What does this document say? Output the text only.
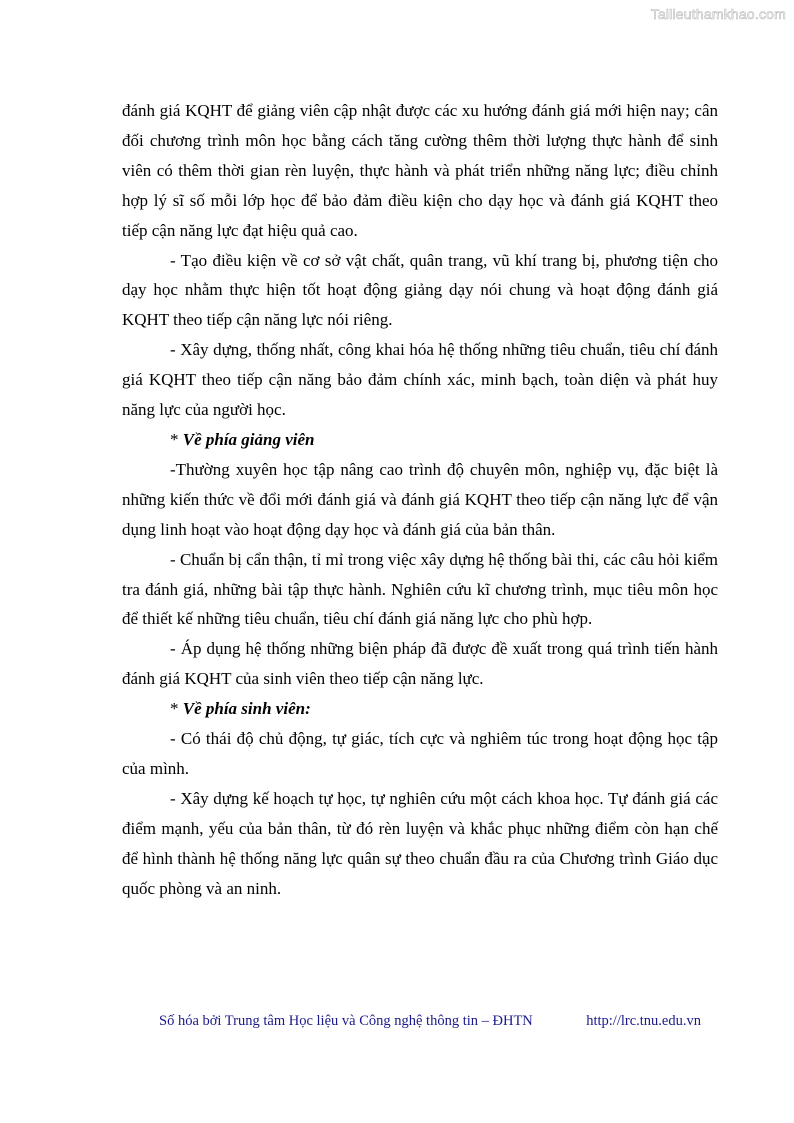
Tailieuthamkhao.com

đánh giá KQHT để giảng viên cập nhật được các xu hướng đánh giá mới hiện nay; cân đối chương trình môn học bằng cách tăng cường thêm thời lượng thực hành để sinh viên có thêm thời gian rèn luyện, thực hành và phát triển những năng lực; điều chỉnh hợp lý sĩ số mỗi lớp học để bảo đảm điều kiện cho dạy học và đánh giá KQHT theo tiếp cận năng lực đạt hiệu quả cao.

- Tạo điều kiện về cơ sở vật chất, quân trang, vũ khí trang bị, phương tiện cho dạy học nhằm thực hiện tốt hoạt động giảng dạy nói chung và hoạt động đánh giá KQHT theo tiếp cận năng lực nói riêng.

- Xây dựng, thống nhất, công khai hóa hệ thống những tiêu chuẩn, tiêu chí đánh giá KQHT theo tiếp cận năng bảo đảm chính xác, minh bạch, toàn diện và phát huy năng lực của người học.

* Về phía giảng viên

-Thường xuyên học tập nâng cao trình độ chuyên môn, nghiệp vụ, đặc biệt là những kiến thức về đổi mới đánh giá và đánh giá KQHT theo tiếp cận năng lực để vận dụng linh hoạt vào hoạt động dạy học và đánh giá của bản thân.

- Chuẩn bị cẩn thận, tỉ mỉ trong việc xây dựng hệ thống bài thi, các câu hỏi kiểm tra đánh giá, những bài tập thực hành. Nghiên cứu kĩ chương trình, mục tiêu môn học để thiết kế những tiêu chuẩn, tiêu chí đánh giá năng lực cho phù hợp.

- Áp dụng hệ thống những biện pháp đã được đề xuất trong quá trình tiến hành đánh giá KQHT của sinh viên theo tiếp cận năng lực.

* Về phía sinh viên:

- Có thái độ chủ động, tự giác, tích cực và nghiêm túc trong hoạt động học tập của mình.

- Xây dựng kế hoạch tự học, tự nghiên cứu một cách khoa học. Tự đánh giá các điểm mạnh, yếu của bản thân, từ đó rèn luyện và khắc phục những điểm còn hạn chế để hình thành hệ thống năng lực quân sự theo chuẩn đầu ra của Chương trình Giáo dục quốc phòng và an ninh.

Số hóa bởi Trung tâm Học liệu và Công nghệ thông tin – ĐHTN	http://lrc.tnu.edu.vn
